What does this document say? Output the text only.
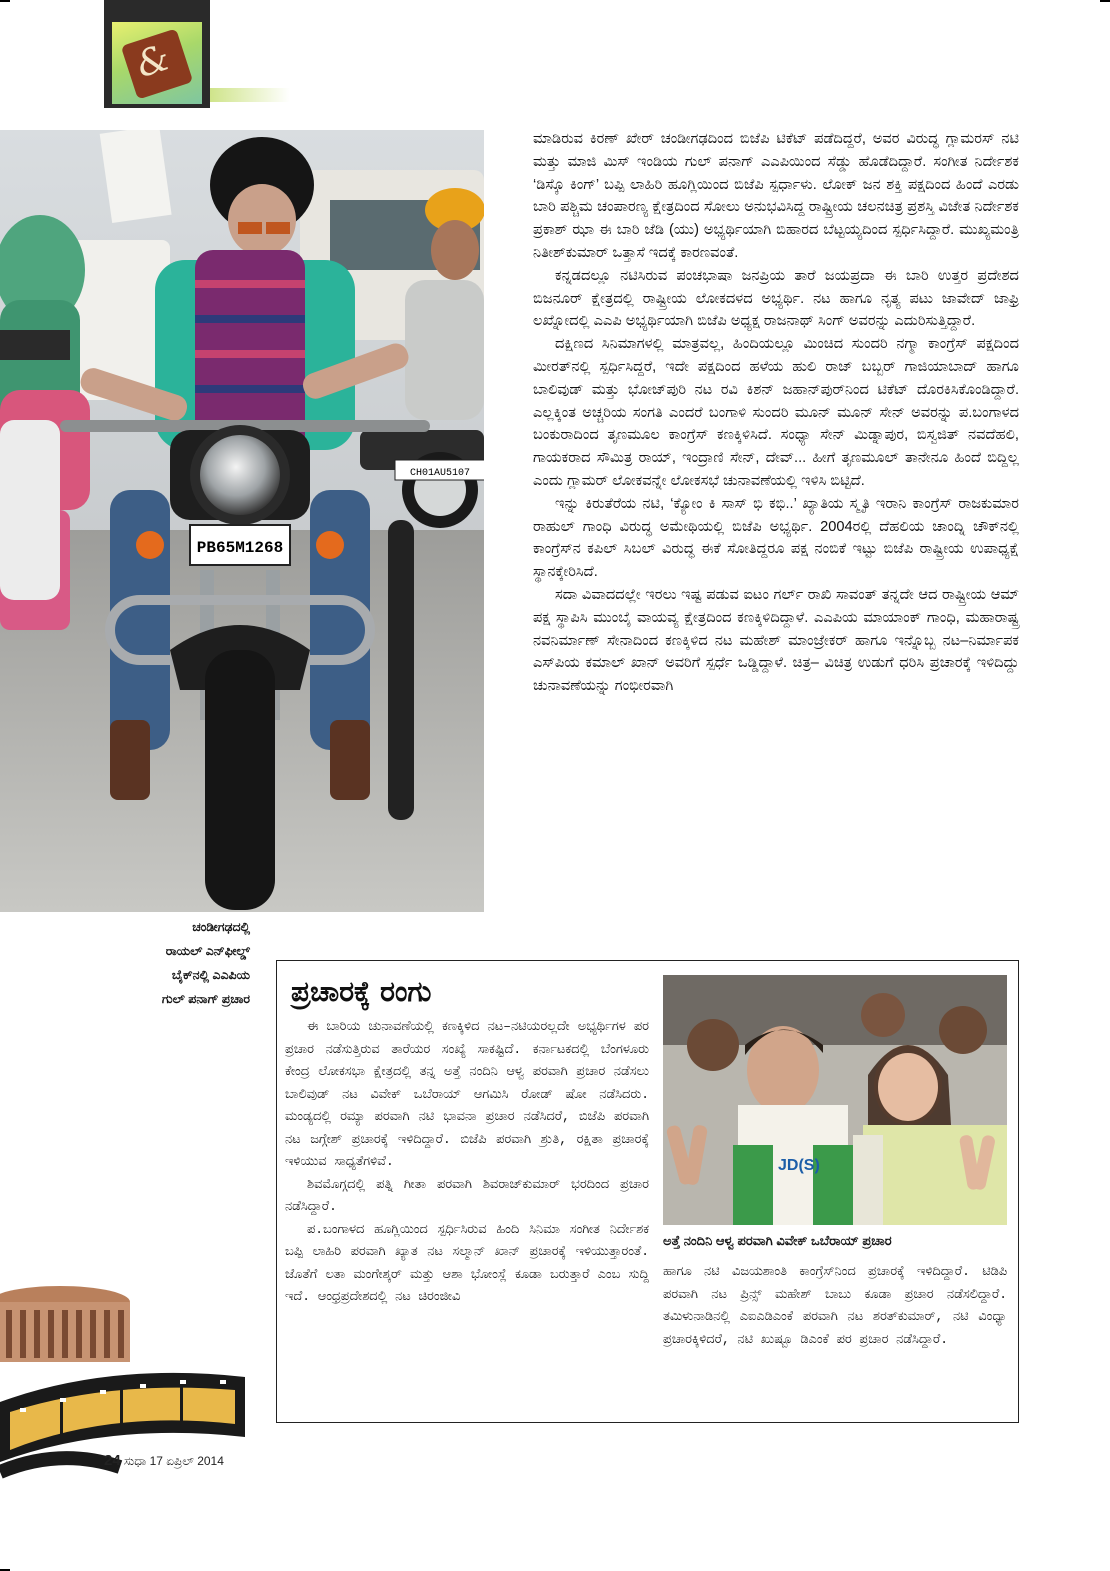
&
CH01AU5107
PB65M1268

ಮಾಡಿರುವ ಕಿರಣ್ ಖೇರ್ ಚಂಡೀಗಢದಿಂದ ಬಿಜೆಪಿ ಟಿಕೆಟ್ ಪಡೆದಿದ್ದರೆ, ಅವರ ವಿರುದ್ಧ ಗ್ಲಾಮರಸ್ ನಟಿ ಮತ್ತು ಮಾಜಿ ಮಿಸ್ ಇಂಡಿಯ ಗುಲ್ ಪನಾಗ್ ಎಎಪಿಯಿಂದ ಸೆಡ್ಡು ಹೊಡೆದಿದ್ದಾರೆ. ಸಂಗೀತ ನಿರ್ದೇಶಕ ‘ಡಿಸ್ಕೊ ಕಿಂಗ್’ ಬಪ್ಪಿ ಲಾಹಿರಿ ಹೂಗ್ಲಿಯಿಂದ ಬಿಜೆಪಿ ಸ್ಪರ್ಧಾಳು. ಲೋಕ್ ಜನ ಶಕ್ತಿ ಪಕ್ಷದಿಂದ ಹಿಂದೆ ಎರಡು ಬಾರಿ ಪಶ್ಚಿಮ ಚಂಪಾರಣ್ಯ ಕ್ಷೇತ್ರದಿಂದ ಸೋಲು ಅನುಭವಿಸಿದ್ದ ರಾಷ್ಟ್ರೀಯ ಚಲನಚಿತ್ರ ಪ್ರಶಸ್ತಿ ವಿಜೇತ ನಿರ್ದೇಶಕ ಪ್ರಕಾಶ್ ಝಾ ಈ ಬಾರಿ ಜೆಡಿ (ಯು) ಅಭ್ಯರ್ಥಿಯಾಗಿ ಬಿಹಾರದ ಬೆಟ್ಟಯ್ಯದಿಂದ ಸ್ಪರ್ಧಿಸಿದ್ದಾರೆ. ಮುಖ್ಯಮಂತ್ರಿ ನಿತೀಶ್‌ಕುಮಾರ್ ಒತ್ತಾಸೆ ಇದಕ್ಕೆ ಕಾರಣವಂತೆ.

ಕನ್ನಡದಲ್ಲೂ ನಟಿಸಿರುವ ಪಂಚಭಾಷಾ ಜನಪ್ರಿಯ ತಾರೆ ಜಯಪ್ರದಾ ಈ ಬಾರಿ ಉತ್ತರ ಪ್ರದೇಶದ ಬಿಜನೂರ್ ಕ್ಷೇತ್ರದಲ್ಲಿ ರಾಷ್ಟ್ರೀಯ ಲೋಕದಳದ ಅಭ್ಯರ್ಥಿ. ನಟ ಹಾಗೂ ನೃತ್ಯ ಪಟು ಜಾವೇದ್ ಜಾಫ್ರಿ ಲಖ್ನೋದಲ್ಲಿ ಎಎಪಿ ಅಭ್ಯರ್ಥಿಯಾಗಿ ಬಿಜೆಪಿ ಅಧ್ಯಕ್ಷ ರಾಜನಾಥ್ ಸಿಂಗ್ ಅವರನ್ನು ಎದುರಿಸುತ್ತಿದ್ದಾರೆ.

ದಕ್ಷಿಣದ ಸಿನಿಮಾಗಳಲ್ಲಿ ಮಾತ್ರವಲ್ಲ, ಹಿಂದಿಯಲ್ಲೂ ಮಿಂಚಿದ ಸುಂದರಿ ನಗ್ಮಾ ಕಾಂಗ್ರೆಸ್ ಪಕ್ಷದಿಂದ ಮೀರತ್‌ನಲ್ಲಿ ಸ್ಪರ್ಧಿಸಿದ್ದರೆ, ಇದೇ ಪಕ್ಷದಿಂದ ಹಳೆಯ ಹುಲಿ ರಾಜ್ ಬಬ್ಬರ್ ಗಾಜಿಯಾಬಾದ್ ಹಾಗೂ ಬಾಲಿವುಡ್ ಮತ್ತು ಭೋಜ್‌ಪುರಿ ನಟ ರವಿ ಕಿಶನ್ ಜಹಾನ್‌ಪುರ್‌ನಿಂದ ಟಿಕೆಟ್ ದೊರಕಿಸಿಕೊಂಡಿದ್ದಾರೆ. ಎಲ್ಲಕ್ಕಿಂತ ಅಚ್ಚರಿಯ ಸಂಗತಿ ಎಂದರೆ ಬಂಗಾಳಿ ಸುಂದರಿ ಮೂನ್ ಮೂನ್ ಸೇನ್ ಅವರನ್ನು ಪ.ಬಂಗಾಳದ ಬಂಕುರಾದಿಂದ ತೃಣಮೂಲ ಕಾಂಗ್ರೆಸ್ ಕಣಕ್ಕಿಳಿಸಿದೆ. ಸಂಧ್ಯಾ ಸೇನ್ ಮಿಡ್ನಾಪುರ, ಬಿಸ್ವಜಿತ್ ನವದೆಹಲಿ, ಗಾಯಕರಾದ ಸೌಮಿತ್ರ ರಾಯ್, ಇಂದ್ರಾಣಿ ಸೇನ್, ದೇವ್... ಹೀಗೆ ತೃಣಮೂಲ್ ತಾನೇನೂ ಹಿಂದೆ ಬಿದ್ದಿಲ್ಲ ಎಂದು ಗ್ಲಾಮರ್ ಲೋಕವನ್ನೇ ಲೋಕಸಭೆ ಚುನಾವಣೆಯಲ್ಲಿ ಇಳಿಸಿ ಬಿಟ್ಟಿದೆ.

ಇನ್ನು ಕಿರುತೆರೆಯ ನಟಿ, ‘ಕ್ಯೋಂ ಕಿ ಸಾಸ್ ಭಿ ಕಭಿ..’ ಖ್ಯಾತಿಯ ಸ್ಮೃತಿ ಇರಾನಿ ಕಾಂಗ್ರೆಸ್ ರಾಜಕುಮಾರ ರಾಹುಲ್ ಗಾಂಧಿ ವಿರುದ್ಧ ಅಮೇಥಿಯಲ್ಲಿ ಬಿಜೆಪಿ ಅಭ್ಯರ್ಥಿ. 2004ರಲ್ಲಿ ದೆಹಲಿಯ ಚಾಂದ್ನಿ ಚೌಕ್‌ನಲ್ಲಿ ಕಾಂಗ್ರೆಸ್‌ನ ಕಪಿಲ್ ಸಿಬಲ್ ವಿರುದ್ಧ ಈಕೆ ಸೋತಿದ್ದರೂ ಪಕ್ಷ ನಂಬಿಕೆ ಇಟ್ಟು ಬಿಜೆಪಿ ರಾಷ್ಟ್ರೀಯ ಉಪಾಧ್ಯಕ್ಷೆ ಸ್ಥಾನಕ್ಕೇರಿಸಿದೆ.

ಸದಾ ವಿವಾದದಲ್ಲೇ ಇರಲು ಇಷ್ಟ ಪಡುವ ಐಟಂ ಗರ್ಲ್ ರಾಖಿ ಸಾವಂತ್ ತನ್ನದೇ ಆದ ರಾಷ್ಟ್ರೀಯ ಆಮ್ ಪಕ್ಷ ಸ್ಥಾಪಿಸಿ ಮುಂಬೈ ವಾಯವ್ಯ ಕ್ಷೇತ್ರದಿಂದ ಕಣಕ್ಕಿಳಿದಿದ್ದಾಳೆ. ಎಎಪಿಯ ಮಾಯಾಂಕ್ ಗಾಂಧಿ, ಮಹಾರಾಷ್ಟ್ರ ನವನಿರ್ಮಾಣ್ ಸೇನಾದಿಂದ ಕಣಕ್ಕಿಳಿದ ನಟ ಮಹೇಶ್ ಮಾಂಜ್ರೇಕರ್ ಹಾಗೂ ಇನ್ನೊಬ್ಬ ನಟ–ನಿರ್ಮಾಪಕ ಎಸ್‌ಪಿಯ ಕಮಾಲ್ ಖಾನ್ ಅವರಿಗೆ ಸ್ಪರ್ಧೆ ಒಡ್ಡಿದ್ದಾಳೆ. ಚಿತ್ರ– ವಿಚಿತ್ರ ಉಡುಗೆ ಧರಿಸಿ ಪ್ರಚಾರಕ್ಕೆ ಇಳಿದಿದ್ದು ಚುನಾವಣೆಯನ್ನು ಗಂಭೀರವಾಗಿ

ಚಂಡೀಗಢದಲ್ಲಿ
ರಾಯಲ್ ಎನ್‌ಫೀಲ್ಡ್
ಬೈಕ್‌ನಲ್ಲಿ ಎಎಪಿಯ
ಗುಲ್ ಪನಾಗ್ ಪ್ರಚಾರ ಪ್ರಚಾರಕ್ಕೆ ರಂಗು

ಈ ಬಾರಿಯ ಚುನಾವಣೆಯಲ್ಲಿ ಕಣಕ್ಕಿಳಿದ ನಟ–ನಟಿಯರಲ್ಲದೇ ಅಭ್ಯರ್ಥಿಗಳ ಪರ ಪ್ರಚಾರ ನಡೆಸುತ್ತಿರುವ ತಾರೆಯರ ಸಂಖ್ಯೆ ಸಾಕಷ್ಟಿದೆ. ಕರ್ನಾಟಕದಲ್ಲಿ ಬೆಂಗಳೂರು ಕೇಂದ್ರ ಲೋಕಸಭಾ ಕ್ಷೇತ್ರದಲ್ಲಿ ತನ್ನ ಅತ್ತೆ ನಂದಿನಿ ಆಳ್ವ ಪರವಾಗಿ ಪ್ರಚಾರ ನಡೆಸಲು ಬಾಲಿವುಡ್ ನಟ ವಿವೇಕ್ ಒಬೆರಾಯ್ ಆಗಮಿಸಿ ರೋಡ್ ಷೋ ನಡೆಸಿದರು. ಮಂಡ್ಯದಲ್ಲಿ ರಮ್ಯಾ ಪರವಾಗಿ ನಟಿ ಭಾವನಾ ಪ್ರಚಾರ ನಡೆಸಿದರೆ, ಬಿಜೆಪಿ ಪರವಾಗಿ ನಟ ಜಗ್ಗೇಶ್ ಪ್ರಚಾರಕ್ಕೆ ಇಳಿದಿದ್ದಾರೆ. ಬಿಜೆಪಿ ಪರವಾಗಿ ಶ್ರುತಿ, ರಕ್ಷಿತಾ ಪ್ರಚಾರಕ್ಕೆ ಇಳಿಯುವ ಸಾಧ್ಯತೆಗಳಿವೆ.

ಶಿವಮೊಗ್ಗದಲ್ಲಿ ಪತ್ನಿ ಗೀತಾ ಪರವಾಗಿ ಶಿವರಾಜ್‌ಕುಮಾರ್ ಭರದಿಂದ ಪ್ರಚಾರ ನಡೆಸಿದ್ದಾರೆ.

ಪ.ಬಂಗಾಳದ ಹೂಗ್ಲಿಯಿಂದ ಸ್ಪರ್ಧಿಸಿರುವ ಹಿಂದಿ ಸಿನಿಮಾ ಸಂಗೀತ ನಿರ್ದೇಶಕ ಬಪ್ಪಿ ಲಾಹಿರಿ ಪರವಾಗಿ ಖ್ಯಾತ ನಟ ಸಲ್ಮಾನ್ ಖಾನ್ ಪ್ರಚಾರಕ್ಕೆ ಇಳಿಯುತ್ತಾರಂತೆ. ಜೊತೆಗೆ ಲತಾ ಮಂಗೇಶ್ಕರ್ ಮತ್ತು ಆಶಾ ಭೋಂಸ್ಲೆ ಕೂಡಾ ಬರುತ್ತಾರೆ ಎಂಬ ಸುದ್ದಿ ಇದೆ. ಆಂಧ್ರಪ್ರದೇಶದಲ್ಲಿ ನಟ ಚಿರಂಜೀವಿ

JD(S)
ಅತ್ತೆ ನಂದಿನಿ ಆಳ್ವ ಪರವಾಗಿ ವಿವೇಕ್ ಒಬೆರಾಯ್ ಪ್ರಚಾರ

ಹಾಗೂ ನಟಿ ವಿಜಯಶಾಂತಿ ಕಾಂಗ್ರೆಸ್‌ನಿಂದ ಪ್ರಚಾರಕ್ಕೆ ಇಳಿದಿದ್ದಾರೆ. ಟಿಡಿಪಿ ಪರವಾಗಿ ನಟ ಪ್ರಿನ್ಸ್ ಮಹೇಶ್ ಬಾಬು ಕೂಡಾ ಪ್ರಚಾರ ನಡೆಸಲಿದ್ದಾರೆ. ತಮಿಳುನಾಡಿನಲ್ಲಿ ಎಐಎಡಿಎಂಕೆ ಪರವಾಗಿ ನಟ ಶರತ್‌ಕುಮಾರ್, ನಟಿ ವಿಂಧ್ಯಾ ಪ್ರಚಾರಕ್ಕಿಳಿದರೆ, ನಟಿ ಖುಷ್ಬೂ ಡಿಎಂಕೆ ಪರ ಪ್ರಚಾರ ನಡೆಸಿದ್ದಾರೆ.

24 ಸುಧಾ 17 ಏಪ್ರಿಲ್ 2014
